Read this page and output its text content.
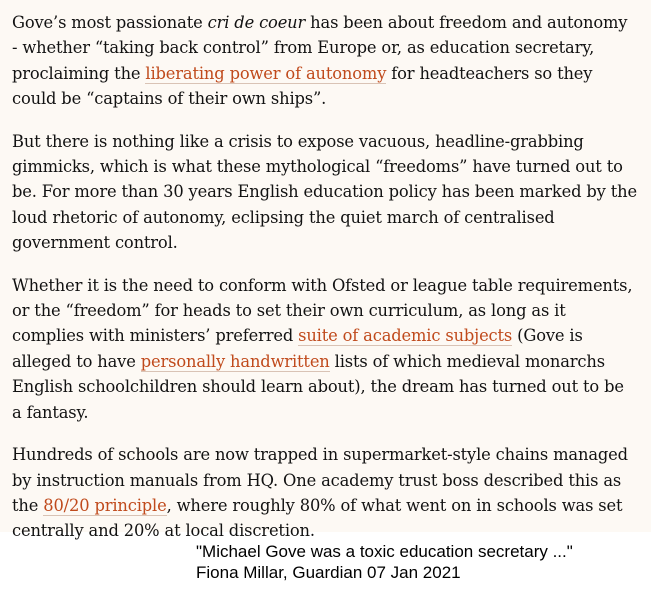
Gove’s most passionate cri de coeur has been about freedom and autonomy - whether “taking back control” from Europe or, as education secretary, proclaiming the liberating power of autonomy for headteachers so they could be “captains of their own ships”.

But there is nothing like a crisis to expose vacuous, headline-grabbing gimmicks, which is what these mythological “freedoms” have turned out to be. For more than 30 years English education policy has been marked by the loud rhetoric of autonomy, eclipsing the quiet march of centralised government control.

Whether it is the need to conform with Ofsted or league table requirements, or the “freedom” for heads to set their own curriculum, as long as it complies with ministers’ preferred suite of academic subjects (Gove is alleged to have personally handwritten lists of which medieval monarchs English schoolchildren should learn about), the dream has turned out to be a fantasy.

Hundreds of schools are now trapped in supermarket-style chains managed by instruction manuals from HQ. One academy trust boss described this as the 80/20 principle, where roughly 80% of what went on in schools was set centrally and 20% at local discretion.

"Michael Gove was a toxic education secretary ..."
Fiona Millar, Guardian 07 Jan 2021
